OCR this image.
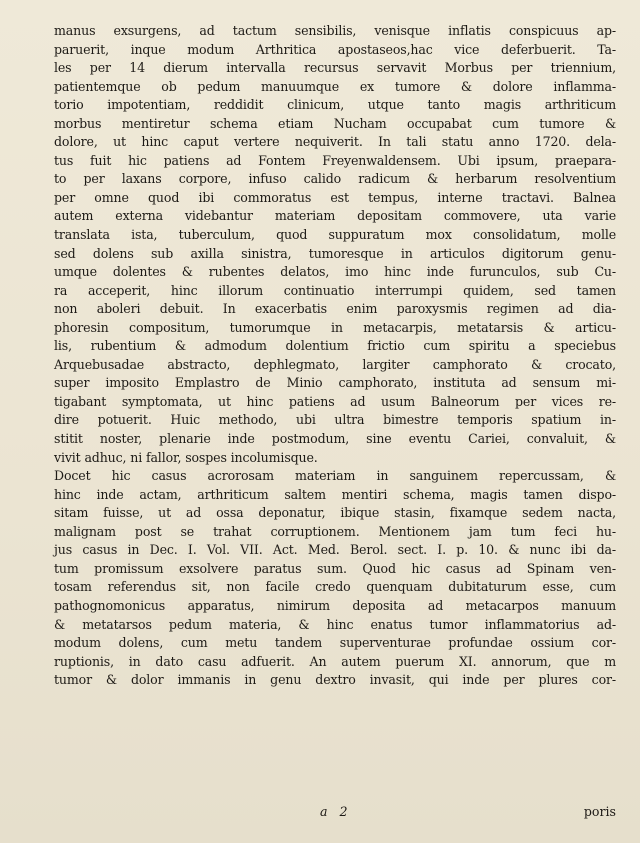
manus exsurgens, ad tactum sensibilis, venisque inflatis conspicuus ap-
paruerit, inque modum Arthritica apostaseos,hac vice deferbuerit. Ta-
les per 14 dierum intervalla recursus servavit Morbus per triennium,
patientemque ob pedum manuumque ex tumore & dolore inflamma-
torio impotentiam, reddidit clinicum, utque tanto magis arthriticum
morbus mentiretur schema etiam Nucham occupabat cum tumore &
dolore, ut hinc caput vertere nequiverit. In tali statu anno 1720. dela-
tus fuit hic patiens ad Fontem Freyenwaldensem. Ubi ipsum, praepara-
to per laxans corpore, infuso calido radicum & herbarum resolventium
per omne quod ibi commoratus est tempus, interne tractavi. Balnea
autem externa videbantur materiam depositam commovere, uta varie
translata ista, tuberculum, quod suppuratum mox consolidatum, molle
sed dolens sub axilla sinistra, tumoresque in articulos digitorum genu-
umque dolentes & rubentes delatos, imo hinc inde furunculos, sub Cu-
ra acceperit, hinc illorum continuatio interrumpi quidem, sed tamen
non aboleri debuit. In exacerbatis enim paroxysmis regimen ad dia-
phoresin compositum, tumorumque in metacarpis, metatarsis & articu-
lis, rubentium & admodum dolentium frictio cum spiritu a speciebus
Arquebusadae abstracto, dephlegmato, largiter camphorato & crocato,
super imposito Emplastro de Minio camphorato, instituta ad sensum mi-
tigabant symptomata, ut hinc patiens ad usum Balneorum per vices re-
dire potuerit. Huic methodo, ubi ultra bimestre temporis spatium in-
stitit noster, plenarie inde postmodum, sine eventu Cariei, convaluit, &
vivit adhuc, ni fallor, sospes incolumisque.
Docet hic casus acrorosam materiam in sanguinem repercussam, &
hinc inde actam, arthriticum saltem mentiri schema, magis tamen dispo-
sitam fuisse, ut ad ossa deponatur, ibique stasin, fixamque sedem nacta,
malignam post se trahat corruptionem. Mentionem jam tum feci hu-
jus casus in Dec. I. Vol. VII. Act. Med. Berol. sect. I. p. 10. & nunc ibi da-
tum promissum exsolvere paratus sum. Quod hic casus ad Spinam ven-
tosam referendus sit, non facile credo quenquam dubitaturum esse, cum
pathognomonicus apparatus, nimirum deposita ad metacarpos manuum
& metatarsos pedum materia, & hinc enatus tumor inflammatorius ad-
modum dolens, cum metu tandem superventurae profundae ossium cor-
ruptionis, in dato casu adfuerit. An autem puerum XI. annorum, que m
tumor & dolor immanis in genu dextro invasit, qui inde per plures cor-
a 2	poris
